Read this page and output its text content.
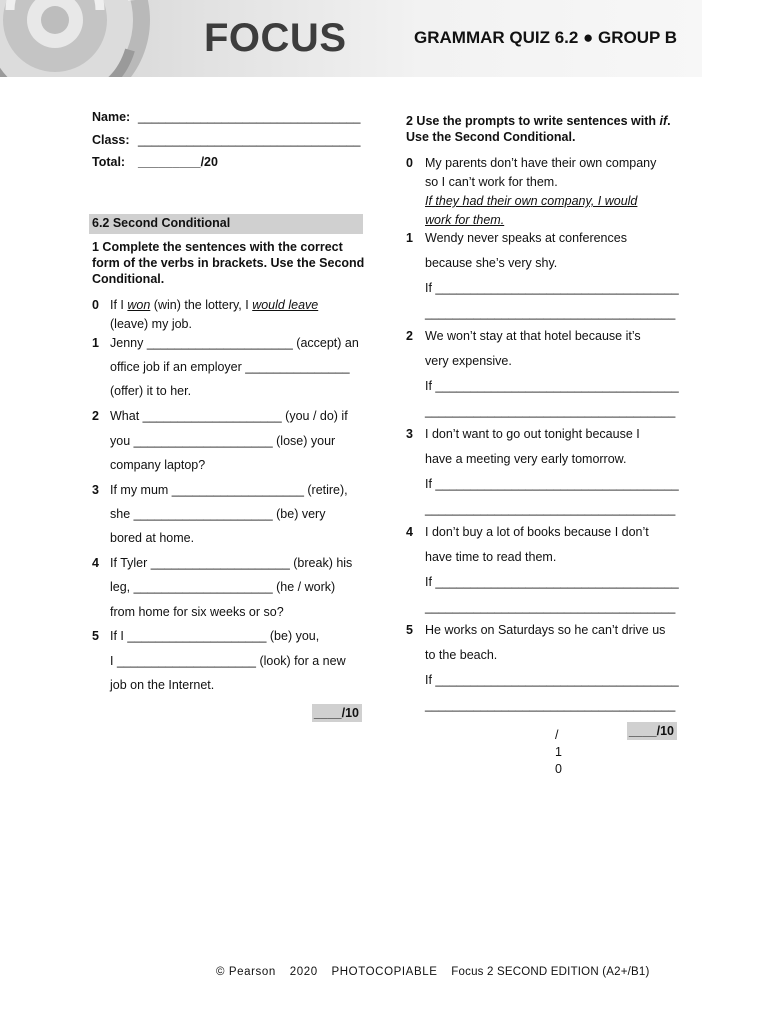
FOCUS	GRAMMAR QUIZ 6.2 ● GROUP B
Name: ________________________________
Class: ________________________________
Total: _________/20
6.2 Second Conditional
1 Complete the sentences with the correct
form of the verbs in brackets. Use the Second
Conditional.
0 If I won (win) the lottery, I would leave
(leave) my job.
1 Jenny _____________________ (accept) an
office job if an employer _______________
(offer) it to her.
2 What ____________________ (you / do) if
you ____________________ (lose) your
company laptop?
3 If my mum ___________________ (retire),
she ____________________ (be) very
bored at home.
4 If Tyler ____________________ (break) his
leg, ____________________ (he / work)
from home for six weeks or so?
5 If I ____________________ (be) you,
I ____________________ (look) for a new
job on the Internet.
____/10
2 Use the prompts to write sentences with if.
Use the Second Conditional.
0 My parents don’t have their own company
so I can’t work for them.
If they had their own company, I would
work for them.
1 Wendy never speaks at conferences
because she’s very shy.
If ___________________________________
____________________________________
2 We won’t stay at that hotel because it’s
very expensive.
If ___________________________________
____________________________________
3 I don’t want to go out tonight because I
have a meeting very early tomorrow.
If ___________________________________
____________________________________
4 I don’t buy a lot of books because I don’t
have time to read them.
If ___________________________________
____________________________________
5 He works on Saturdays so he can’t drive us
to the beach.
If ___________________________________
____________________________________
/
1
0
____/10
© Pearson 2020 PHOTOCOPIABLE Focus 2 SECOND EDITION (A2+/B1)
